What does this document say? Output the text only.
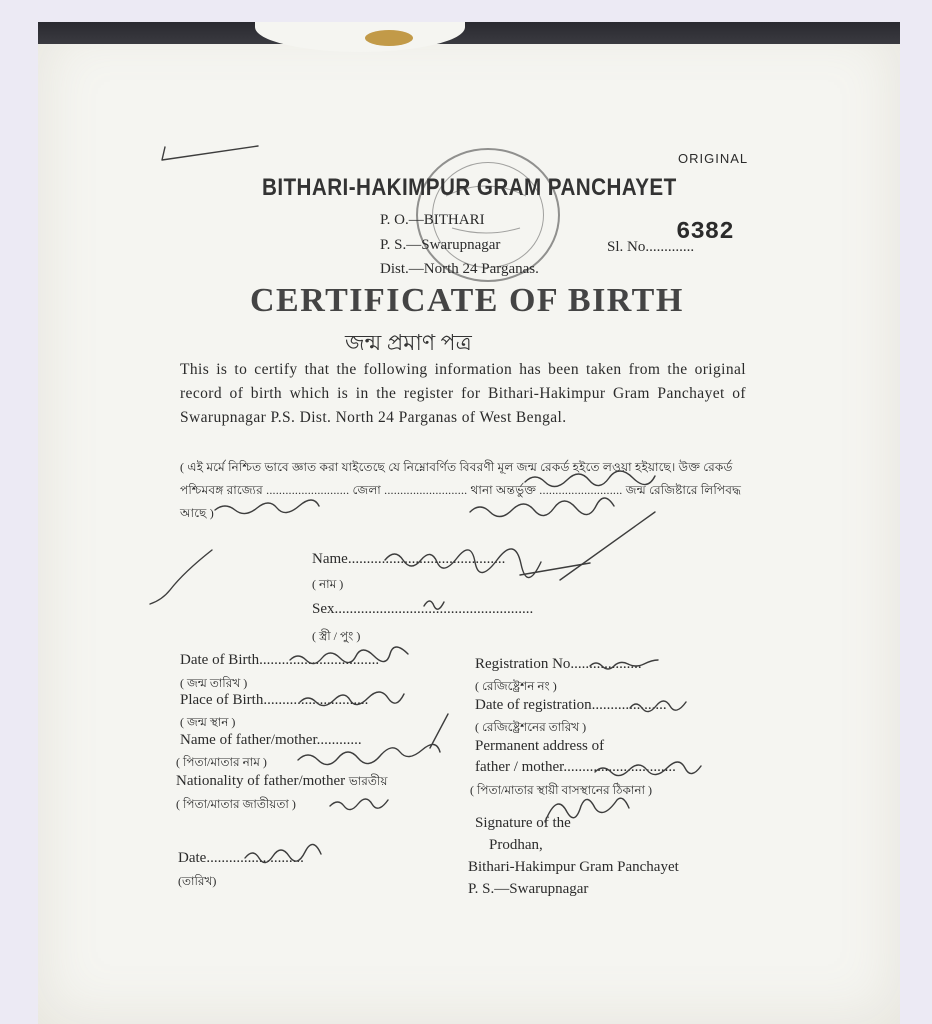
ORIGINAL
BITHARI-HAKIMPUR GRAM PANCHAYET
P. O.—BITHARI
P. S.—Swarupnagar
Dist.—North 24 Parganas.
Sl. No.............
6382
CERTIFICATE OF BIRTH
জন্ম প্রমাণ পত্র
This is to certify that the following information has been taken from the original record of birth which is in the register for Bithari-Hakimpur Gram Panchayet of Swarupnagar P.S. Dist. North 24 Parganas of West Bengal.
( এই মর্মে নিশ্চিত ভাবে জ্ঞাত করা যাইতেছে যে নিম্নোবর্ণিত বিবরণী মূল জন্ম রেকর্ড হইতে লওয়া হইয়াছে। উক্ত রেকর্ড পশ্চিমবঙ্গ রাজ্যের .......................... জেলা .......................... থানা অন্তর্ভুক্ত .......................... জন্ম রেজিষ্টারে লিপিবদ্ধ আছে )
Name..........................................
( নাম )
Sex.....................................................
( স্ত্রী / পুং )
Date of Birth................................
( জন্ম তারিখ )
Place of Birth............................
( জন্ম স্থান )
Name of father/mother............
( পিতা/মাতার নাম )
Nationality of father/mother ভারতীয়
( পিতা/মাতার জাতীয়তা )
Registration No...................
( রেজিষ্ট্রেশন নং )
Date of registration....................
( রেজিষ্ট্রেশনের তারিখ )
Permanent address of
father / mother..............................
( পিতা/মাতার স্থায়ী বাসস্থানের ঠিকানা )
Signature of the
Prodhan,
Bithari-Hakimpur Gram Panchayet
P. S.—Swarupnagar
Date..........................
(তারিখ)
